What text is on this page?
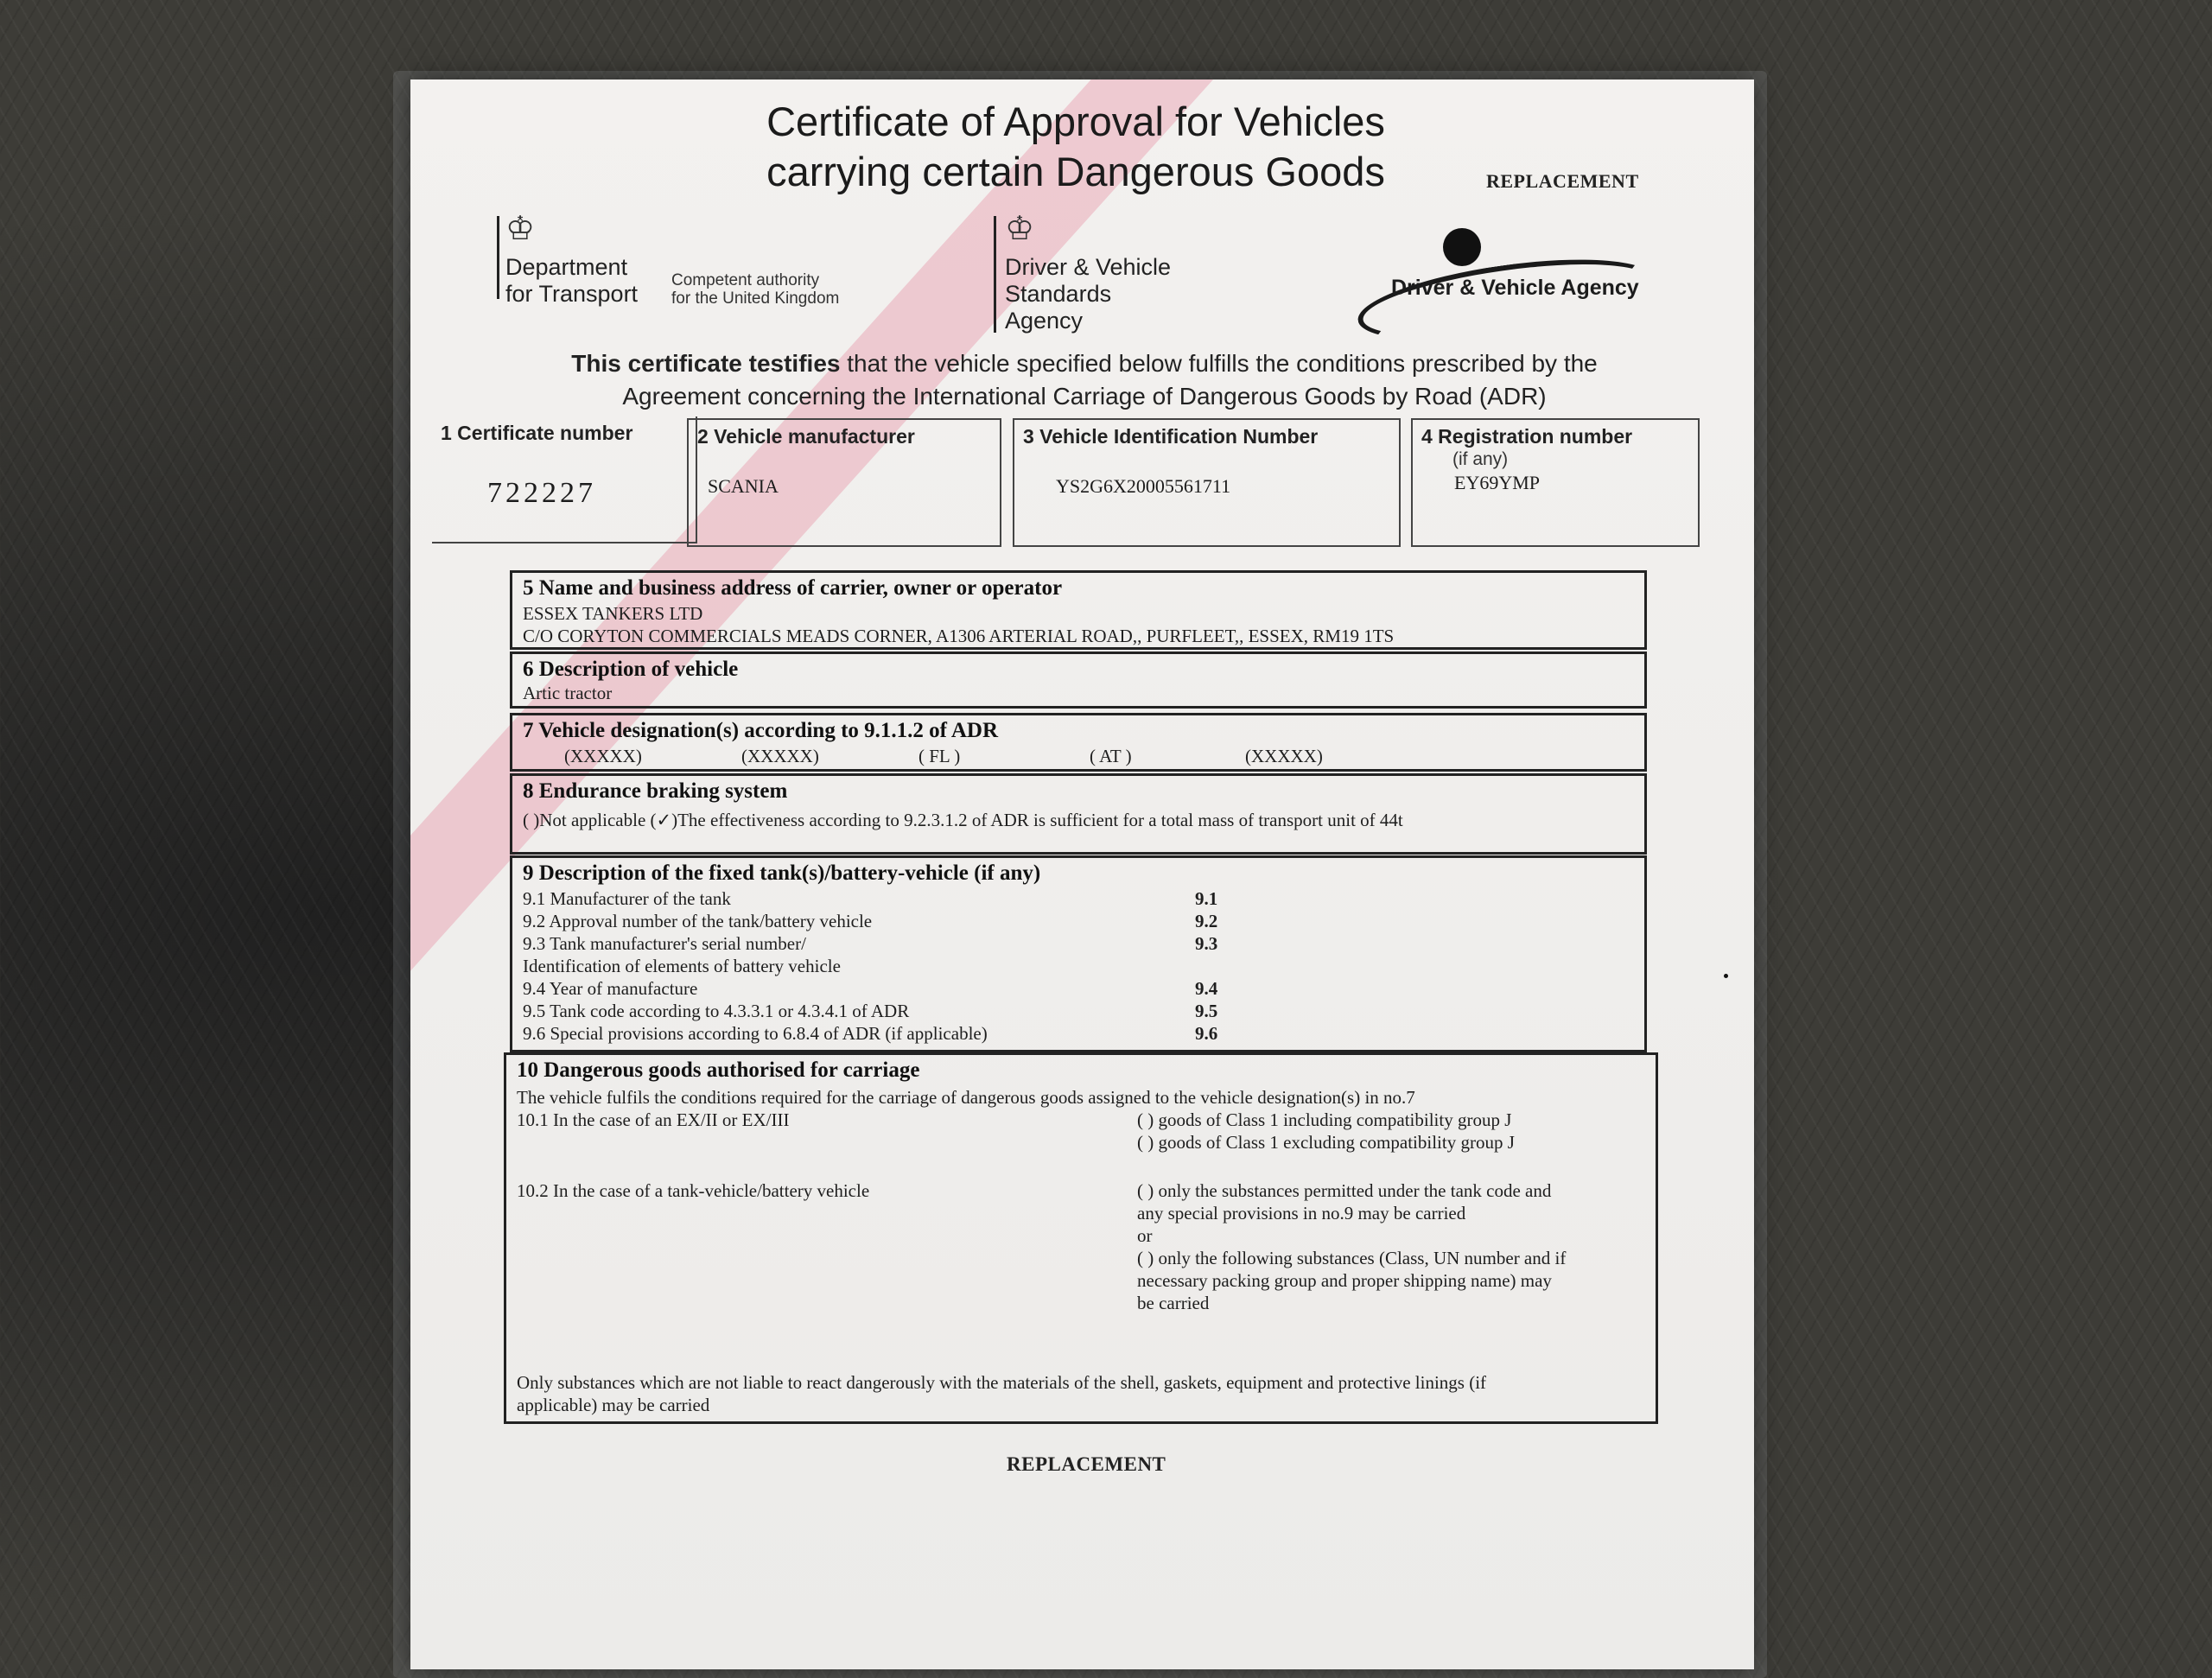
Certificate of Approval for Vehicles

carrying certain Dangerous Goods	REPLACEMENT

♔

Department

for Transport

Competent authority

for the United Kingdom

♔

Driver & Vehicle

Standards

Agency

Driver & Vehicle Agency

This certificate testifies that the vehicle specified below fulfills the conditions prescribed by the
Agreement concerning the International Carriage of Dangerous Goods by Road (ADR)

1 Certificate number
722227
2 Vehicle manufacturer
SCANIA
3 Vehicle Identification Number
YS2G6X20005561711
4 Registration number
(if any)
EY69YMP
5 Name and business address of carrier, owner or operator
ESSEX TANKERS LTD
C/O CORYTON COMMERCIALS MEADS CORNER, A1306 ARTERIAL ROAD,, PURFLEET,, ESSEX, RM19 1TS
6 Description of vehicle
Artic tractor
7 Vehicle designation(s) according to 9.1.1.2 of ADR
(XXXXX)	(XXXXX)	( FL )	( AT )	(XXXXX)
8 Endurance braking system
( )Not applicable (✓)The effectiveness according to 9.2.3.1.2 of ADR is sufficient for a total mass of transport unit of 44t
9 Description of the fixed tank(s)/battery-vehicle (if any)
9.1 Manufacturer of the tank	9.1
9.2 Approval number of the tank/battery vehicle	9.2
9.3 Tank manufacturer's serial number/	9.3
Identification of elements of battery vehicle
9.4 Year of manufacture	9.4
9.5 Tank code according to 4.3.3.1 or 4.3.4.1 of ADR	9.5
9.6 Special provisions according to 6.8.4 of ADR (if applicable)	9.6
10 Dangerous goods authorised for carriage
The vehicle fulfils the conditions required for the carriage of dangerous goods assigned to the vehicle designation(s) in no.7
10.1 In the case of an EX/II or EX/III	( ) goods of Class 1 including compatibility group J
( ) goods of Class 1 excluding compatibility group J
10.2 In the case of a tank-vehicle/battery vehicle	( ) only the substances permitted under the tank code and
any special provisions in no.9 may be carried
or
( ) only the following substances (Class, UN number and if
necessary packing group and proper shipping name) may
be carried
Only substances which are not liable to react dangerously with the materials of the shell, gaskets, equipment and protective linings (if
applicable) may be carried

REPLACEMENT
